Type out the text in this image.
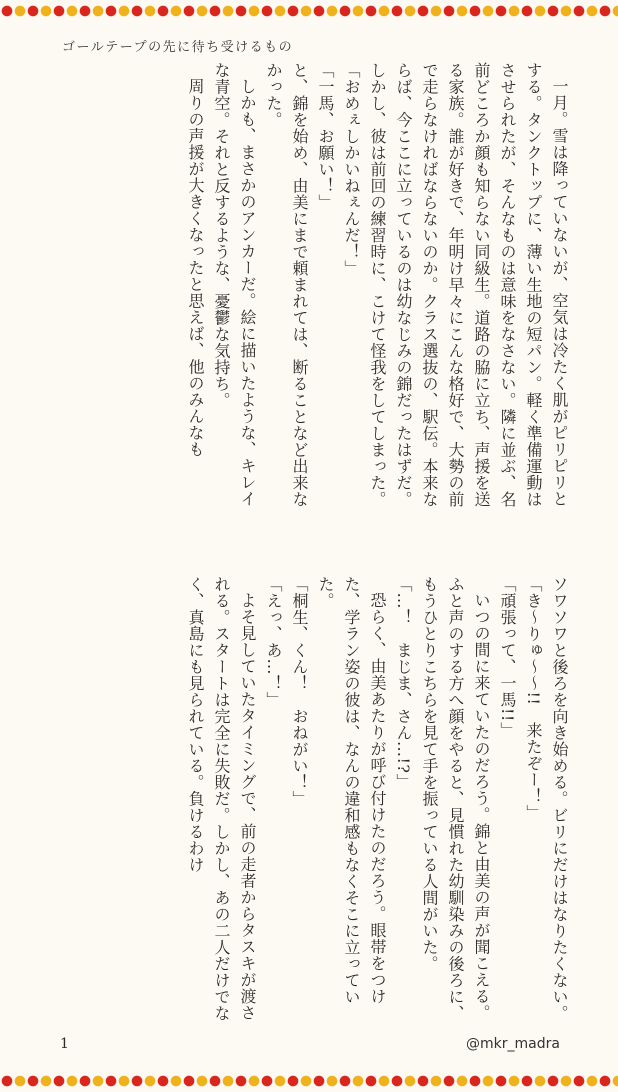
ゴールテープの先に待ち受けるもの

一月。雪は降っていないが、空気は冷たく肌がピリピリとする。タンクトップに、薄い生地の短パン。軽く準備運動はさせられたが、そんなものは意味をなさない。隣に並ぶ、名前どころか顔も知らない同級生。道路の脇に立ち、声援を送る家族。誰が好きで、年明け早々にこんな格好で、大勢の前で走らなければならないのか。クラス選抜の、駅伝。本来ならば、今ここに立っているのは幼なじみの錦だったはずだ。しかし、彼は前回の練習時に、こけて怪我をしてしまった。

「おめぇしかいねぇんだ！」

「一馬、お願い！」

と、錦を始め、由美にまで頼まれては、断ることなど出来なかった。

しかも、まさかのアンカーだ。絵に描いたような、キレイな青空。それと反するような、憂鬱な気持ち。

周りの声援が大きくなったと思えば、他のみんなも

ソワソワと後ろを向き始める。ビリにだけはなりたくない。

「き〜りゅ〜〜!!　来たぞー！」

「頑張って、一馬!!」

いつの間に来ていたのだろう。錦と由美の声が聞こえる。ふと声のする方へ顔をやると、見慣れた幼馴染みの後ろに、もうひとりこちらを見て手を振っている人間がいた。

「…！　まじま、さん…!?」

恐らく、由美あたりが呼び付けたのだろう。眼帯をつけた、学ラン姿の彼は、なんの違和感もなくそこに立っていた。

「桐生、くん！　おねがい！」

「えっ、あ…！」

よそ見していたタイミングで、前の走者からタスキが渡される。スタートは完全に失敗だ。しかし、あの二人だけでなく、真島にも見られている。負けるわけ

1	@mkr_madra
